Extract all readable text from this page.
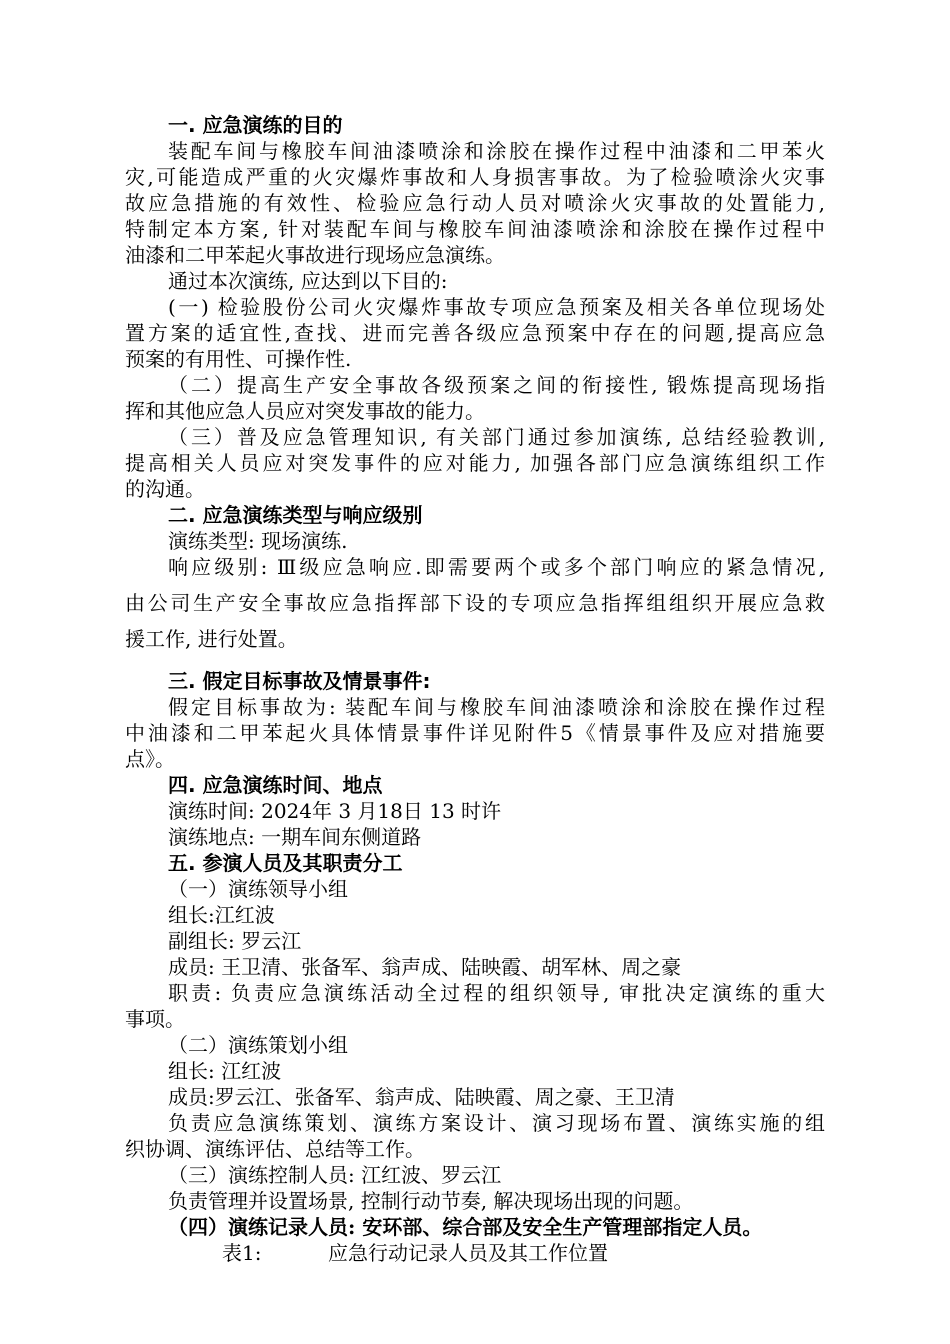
一. 应急演练的目的
装配车间与橡胶车间油漆喷涂和涂胶在操作过程中油漆和二甲苯火
灾,可能造成严重的火灾爆炸事故和人身损害事故。为了检验喷涂火灾事
故应急措施的有效性、检验应急行动人员对喷涂火灾事故的处置能力,
特制定本方案, 针对装配车间与橡胶车间油漆喷涂和涂胶在操作过程中
油漆和二甲苯起火事故进行现场应急演练。
通过本次演练, 应达到以下目的:
(一) 检验股份公司火灾爆炸事故专项应急预案及相关各单位现场处
置方案的适宜性,查找、进而完善各级应急预案中存在的问题,提高应急
预案的有用性、可操作性.
（二）提高生产安全事故各级预案之间的衔接性, 锻炼提高现场指
挥和其他应急人员应对突发事故的能力。
（三）普及应急管理知识, 有关部门通过参加演练, 总结经验教训,
提高相关人员应对突发事件的应对能力, 加强各部门应急演练组织工作
的沟通。
二. 应急演练类型与响应级别
演练类型: 现场演练.
响应级别: Ⅲ级应急响应.即需要两个或多个部门响应的紧急情况,
由公司生产安全事故应急指挥部下设的专项应急指挥组组织开展应急救
援工作, 进行处置。
三. 假定目标事故及情景事件:
假定目标事故为: 装配车间与橡胶车间油漆喷涂和涂胶在操作过程
中油漆和二甲苯起火具体情景事件详见附件5《情景事件及应对措施要
点》。
四. 应急演练时间、地点
演练时间: 2024年 3 月18日 13 时许
演练地点: 一期车间东侧道路
五. 参演人员及其职责分工
（一）演练领导小组
组长:江红波
副组长: 罗云江
成员: 王卫清、张备军、翁声成、陆映霞、胡军林、周之豪
职责: 负责应急演练活动全过程的组织领导, 审批决定演练的重大
事项。
（二）演练策划小组
组长: 江红波
成员:罗云江、张备军、翁声成、陆映霞、周之豪、王卫清
负责应急演练策划、演练方案设计、演习现场布置、演练实施的组
织协调、演练评估、总结等工作。
（三）演练控制人员: 江红波、罗云江
负责管理并设置场景, 控制行动节奏, 解决现场出现的问题。
（四）演练记录人员: 安环部、综合部及安全生产管理部指定人员。
表1:	应急行动记录人员及其工作位置
